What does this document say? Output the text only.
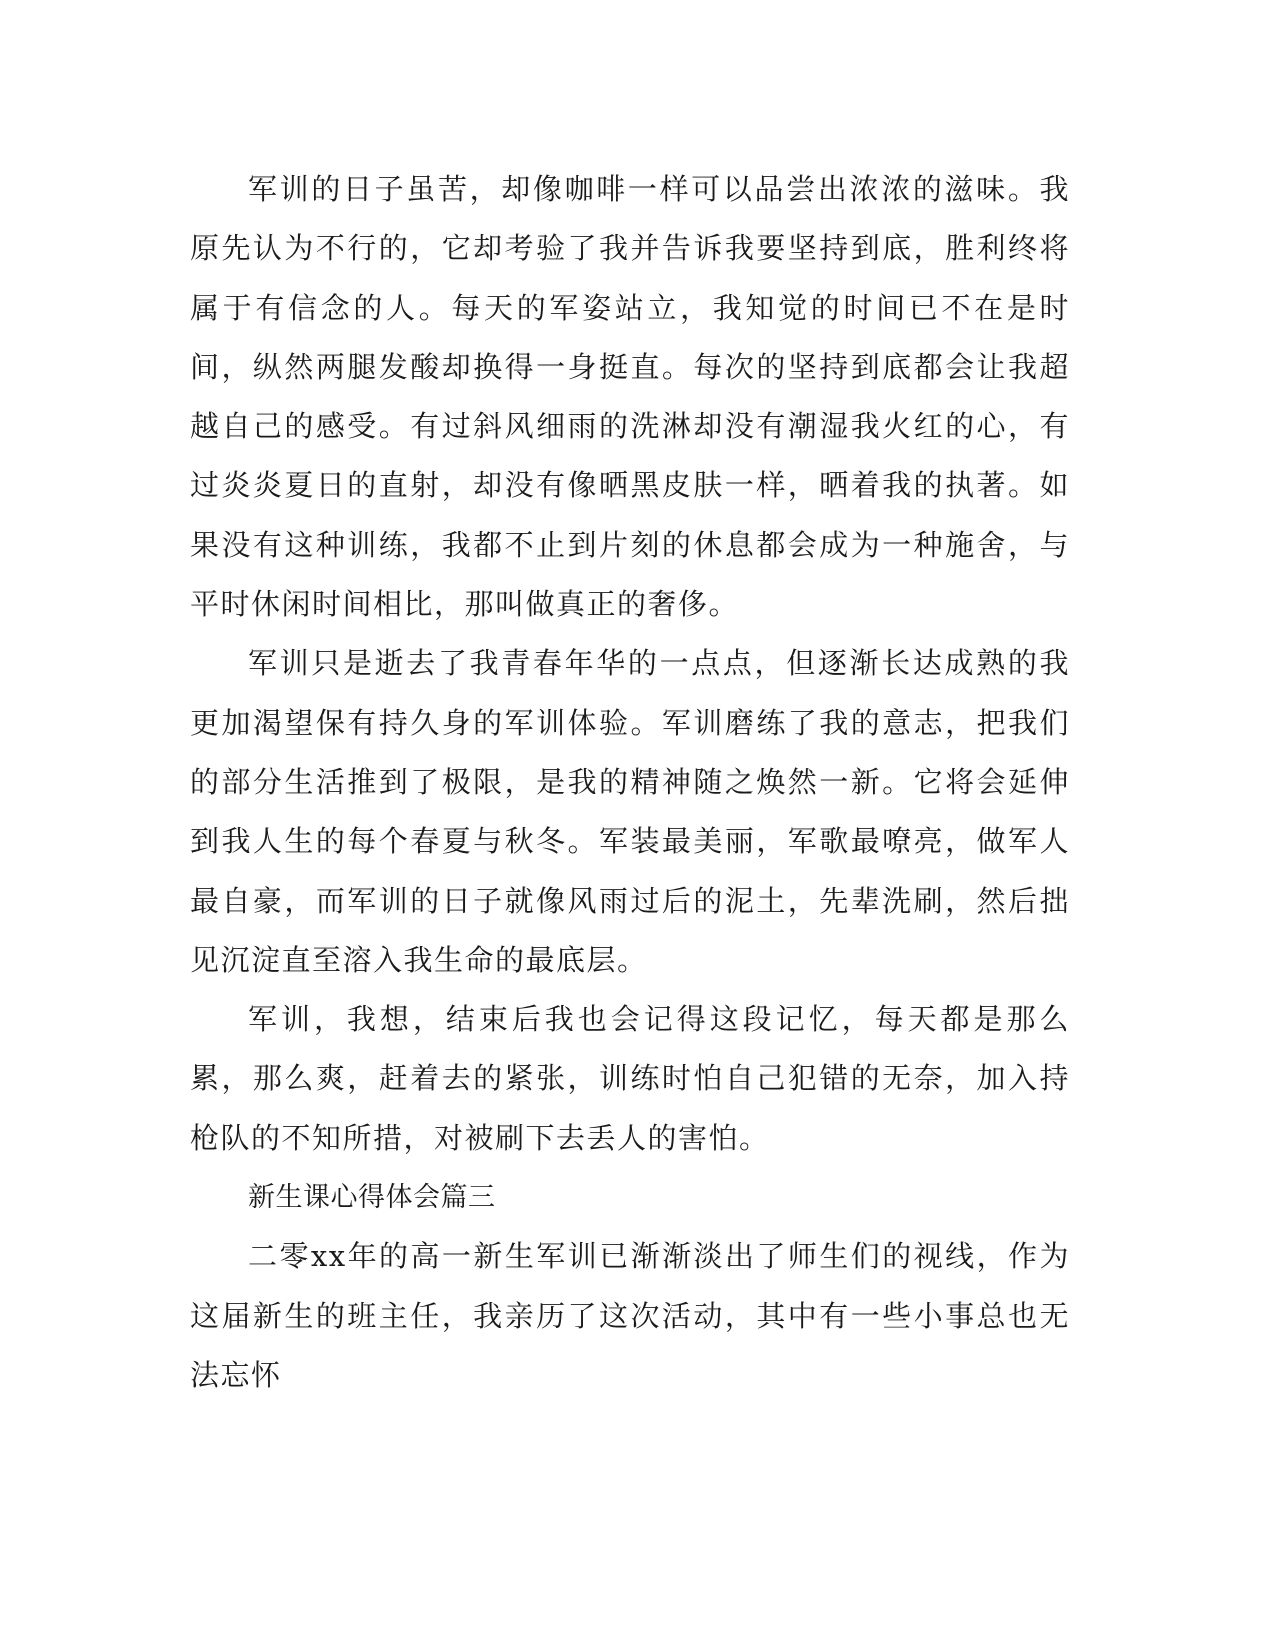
军训的日子虽苦，却像咖啡一样可以品尝出浓浓的滋味。我原先认为不行的，它却考验了我并告诉我要坚持到底，胜利终将属于有信念的人。每天的军姿站立，我知觉的时间已不在是时间，纵然两腿发酸却换得一身挺直。每次的坚持到底都会让我超越自己的感受。有过斜风细雨的洗淋却没有潮湿我火红的心，有过炎炎夏日的直射，却没有像晒黑皮肤一样，晒着我的执著。如果没有这种训练，我都不止到片刻的休息都会成为一种施舍，与平时休闲时间相比，那叫做真正的奢侈。

军训只是逝去了我青春年华的一点点，但逐渐长达成熟的我更加渴望保有持久身的军训体验。军训磨练了我的意志，把我们的部分生活推到了极限，是我的精神随之焕然一新。它将会延伸到我人生的每个春夏与秋冬。军装最美丽，军歌最嘹亮，做军人最自豪，而军训的日子就像风雨过后的泥土，先辈洗刷，然后拙见沉淀直至溶入我生命的最底层。

军训，我想，结束后我也会记得这段记忆，每天都是那么累，那么爽，赶着去的紧张，训练时怕自己犯错的无奈，加入持枪队的不知所措，对被刷下去丢人的害怕。

新生课心得体会篇三

二零xx年的高一新生军训已渐渐淡出了师生们的视线，作为这届新生的班主任，我亲历了这次活动，其中有一些小事总也无法忘怀
